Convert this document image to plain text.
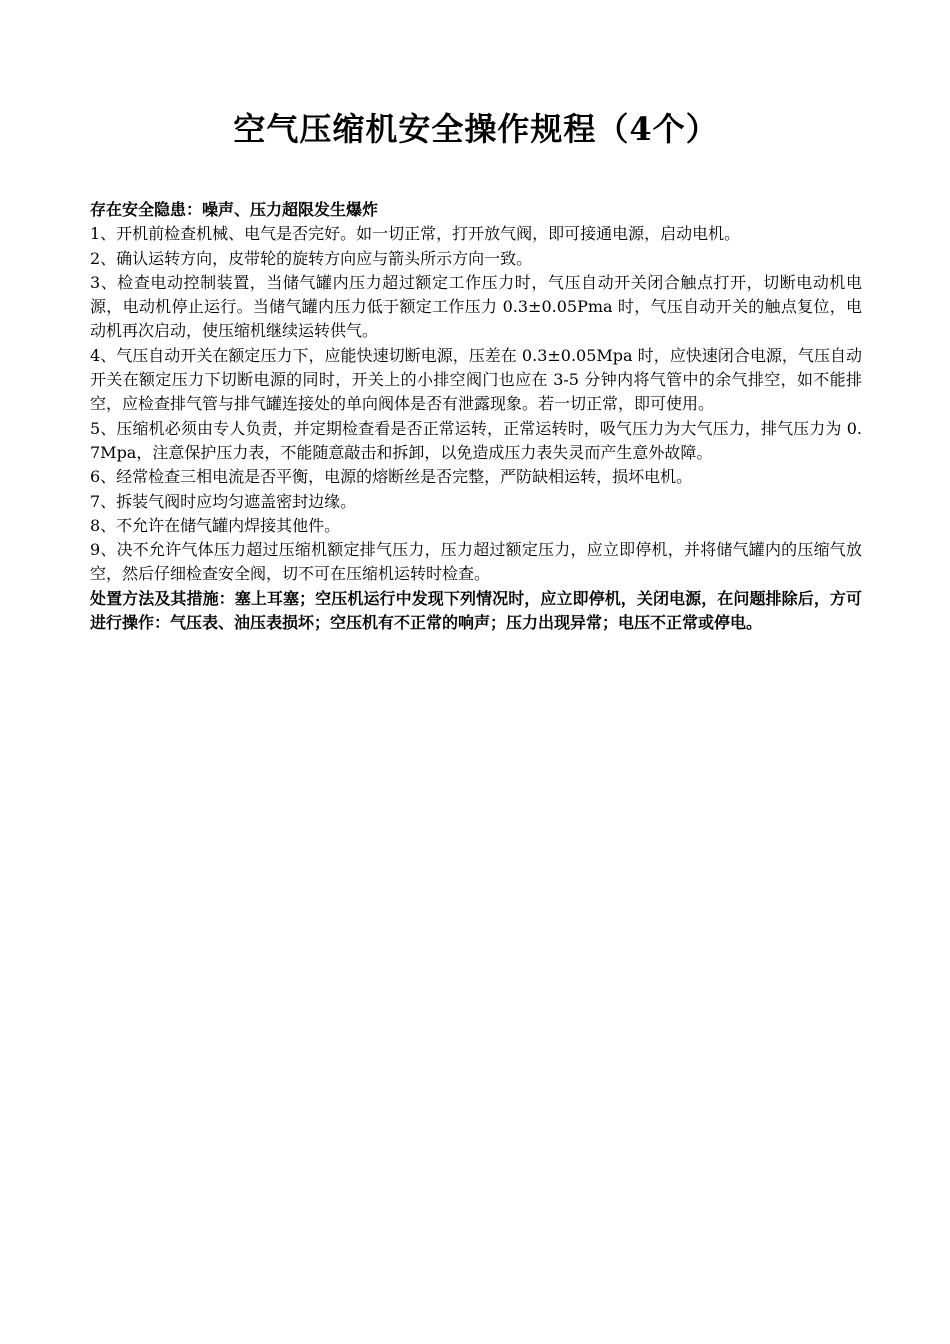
空气压缩机安全操作规程（4个）

存在安全隐患：噪声、压力超限发生爆炸

1、开机前检查机械、电气是否完好。如一切正常，打开放气阀，即可接通电源，启动电机。

2、确认运转方向，皮带轮的旋转方向应与箭头所示方向一致。

3、检查电动控制装置，当储气罐内压力超过额定工作压力时，气压自动开关闭合触点打开，切断电动机电源，电动机停止运行。当储气罐内压力低于额定工作压力 0.3±0.05Pma 时，气压自动开关的触点复位，电动机再次启动，使压缩机继续运转供气。

4、气压自动开关在额定压力下，应能快速切断电源，压差在 0.3±0.05Mpa 时，应快速闭合电源，气压自动开关在额定压力下切断电源的同时，开关上的小排空阀门也应在 3-5 分钟内将气管中的余气排空，如不能排空，应检查排气管与排气罐连接处的单向阀体是否有泄露现象。若一切正常，即可使用。

5、压缩机必须由专人负责，并定期检查看是否正常运转，正常运转时，吸气压力为大气压力，排气压力为 0.7Mpa，注意保护压力表，不能随意敲击和拆卸，以免造成压力表失灵而产生意外故障。

6、经常检查三相电流是否平衡，电源的熔断丝是否完整，严防缺相运转，损坏电机。

7、拆装气阀时应均匀遮盖密封边缘。

8、不允许在储气罐内焊接其他件。

9、决不允许气体压力超过压缩机额定排气压力，压力超过额定压力，应立即停机，并将储气罐内的压缩气放空，然后仔细检查安全阀，切不可在压缩机运转时检查。

处置方法及其措施：塞上耳塞；空压机运行中发现下列情况时，应立即停机，关闭电源，在问题排除后，方可进行操作：气压表、油压表损坏；空压机有不正常的响声；压力出现异常；电压不正常或停电。
